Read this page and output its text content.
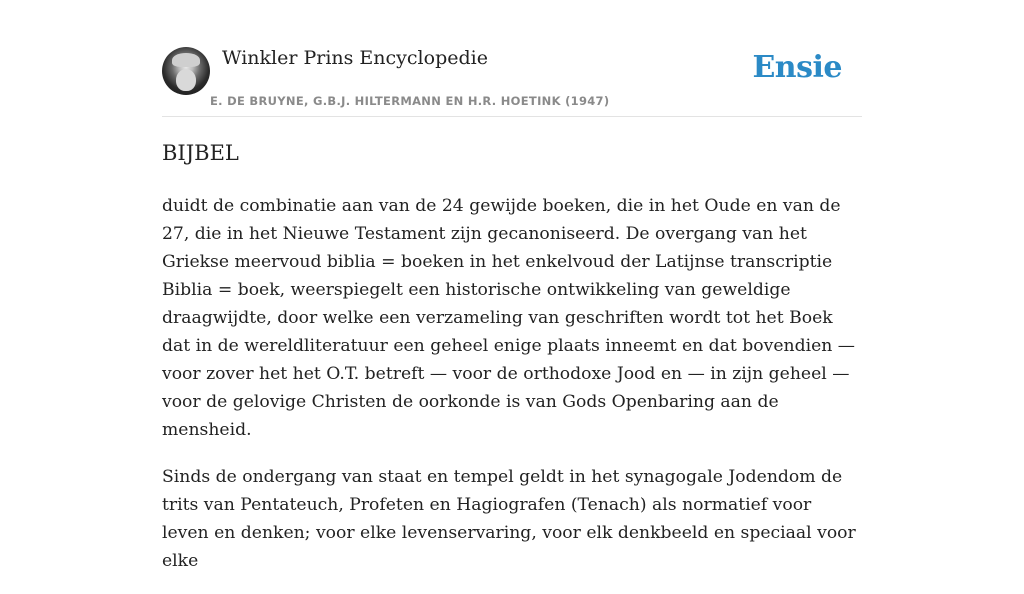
Winkler Prins Encyclopedie
E. DE BRUYNE, G.B.J. HILTERMANN EN H.R. HOETINK (1947)
Ensie
BIJBEL

duidt de combinatie aan van de 24 gewijde boeken, die in het Oude en van de 27, die in het Nieuwe Testament zijn gecanoniseerd. De overgang van het Griekse meervoud biblia = boeken in het enkelvoud der Latijnse transcriptie Biblia = boek, weerspiegelt een historische ontwikkeling van geweldige draagwijdte, door welke een verzameling van geschriften wordt tot het Boek dat in de wereldliteratuur een geheel enige plaats inneemt en dat bovendien — voor zover het het O.T. betreft — voor de orthodoxe Jood en — in zijn geheel — voor de gelovige Christen de oorkonde is van Gods Openbaring aan de mensheid.

Sinds de ondergang van staat en tempel geldt in het synagogale Jodendom de trits van Pentateuch, Profeten en Hagiografen (Tenach) als normatief voor leven en denken; voor elke levenservaring, voor elk denkbeeld en speciaal voor elke
